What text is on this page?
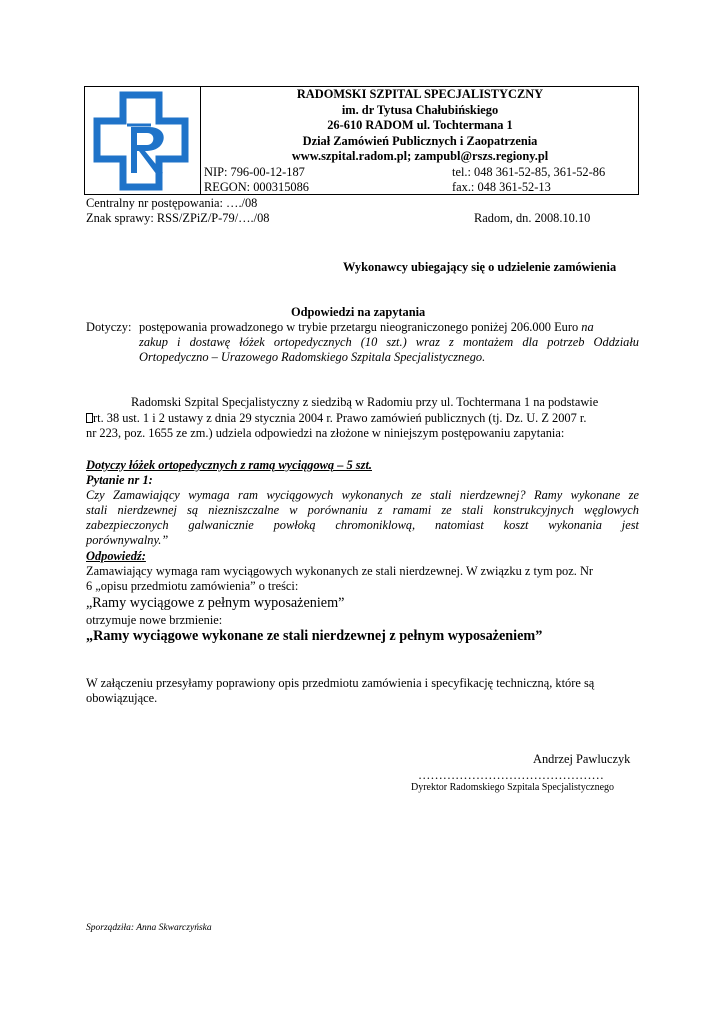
RADOMSKI SZPITAL SPECJALISTYCZNY
im. dr Tytusa Chałubińskiego
26-610 RADOM ul. Tochtermana 1
Dział Zamówień Publicznych i Zaopatrzenia
www.szpital.radom.pl; zampubl@rszs.regiony.pl
NIP: 796-00-12-187	tel.: 048 361-52-85, 361-52-86
REGON: 000315086	fax.: 048 361-52-13
Centralny nr postępowania: …./08
Znak sprawy: RSS/ZPiZ/P-79/…./08	Radom, dn. 2008.10.10
Wykonawcy ubiegający się o udzielenie zamówienia
Odpowiedzi na zapytania
Dotyczy: postępowania prowadzonego w trybie przetargu nieograniczonego poniżej 206.000 Euro na
zakup i dostawę łóżek ortopedycznych (10 szt.) wraz z montażem dla potrzeb Oddziału
Ortopedyczno – Urazowego Radomskiego Szpitala Specjalistycznego.
Radomski Szpital Specjalistyczny z siedzibą w Radomiu przy ul. Tochtermana 1 na podstawie
rt. 38 ust. 1 i 2 ustawy z dnia 29 stycznia 2004 r. Prawo zamówień publicznych (tj. Dz. U. Z 2007 r.
nr 223, poz. 1655 ze zm.) udziela odpowiedzi na złożone w niniejszym postępowaniu zapytania:
Dotyczy łóżek ortopedycznych z ramą wyciągową – 5 szt.
Pytanie nr 1:
Czy Zamawiający wymaga ram wyciągowych wykonanych ze stali nierdzewnej? Ramy wykonane ze
stali nierdzewnej są niezniszczalne w porównaniu z ramami ze stali konstrukcyjnych węglowych
zabezpieczonych galwanicznie powłoką chromoniklową, natomiast koszt wykonania jest
porównywalny.”
Odpowiedź:
Zamawiający wymaga ram wyciągowych wykonanych ze stali nierdzewnej. W związku z tym poz. Nr
6 „opisu przedmiotu zamówienia” o treści:
„Ramy wyciągowe z pełnym wyposażeniem”
otrzymuje nowe brzmienie:
„Ramy wyciągowe wykonane ze stali nierdzewnej z pełnym wyposażeniem”
W załączeniu przesyłamy poprawiony opis przedmiotu zamówienia i specyfikację techniczną, które są
obowiązujące.
Andrzej Pawluczyk
………………………………………
Dyrektor Radomskiego Szpitala Specjalistycznego
Sporządziła: Anna Skwarczyńska
